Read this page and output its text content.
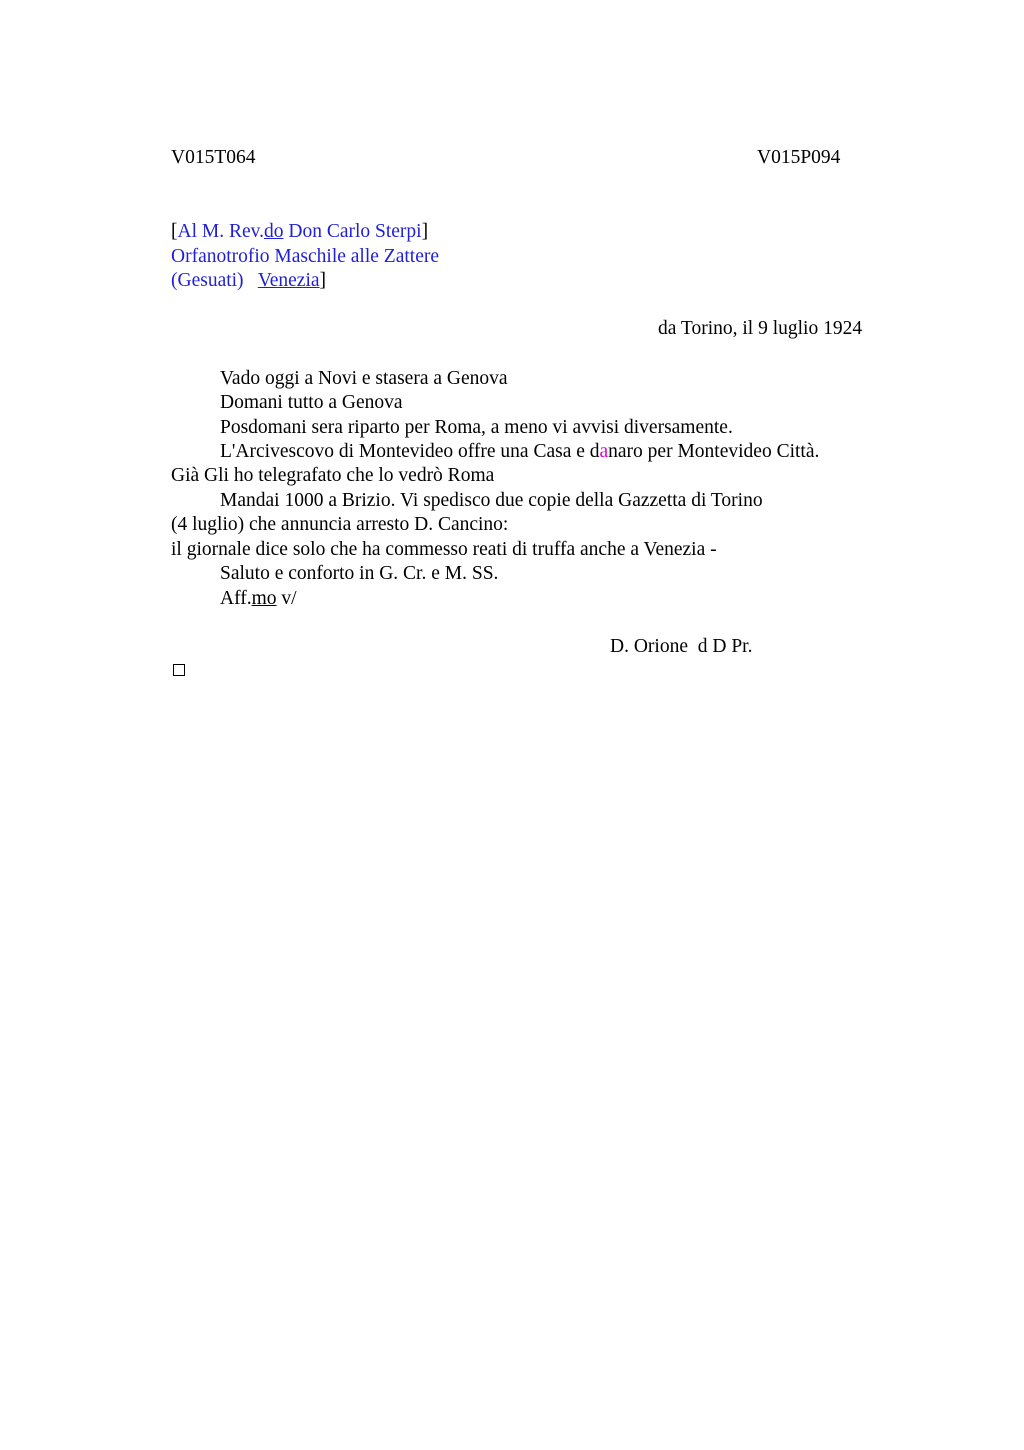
V015T064	V015P094
[Al M. Rev.do Don Carlo Sterpi]
Orfanotrofio Maschile alle Zattere
(Gesuati)   Venezia]
da Torino, il 9 luglio 1924
Vado oggi a Novi e stasera a Genova
Domani tutto a Genova
Posdomani sera riparto per Roma, a meno vi avvisi diversamente.
L'Arcivescovo di Montevideo offre una Casa e danaro per Montevideo Città.
Già Gli ho telegrafato che lo vedrò Roma
Mandai 1000 a Brizio. Vi spedisco due copie della Gazzetta di Torino
(4 luglio) che annuncia arresto D. Cancino:
il giornale dice solo che ha commesso reati di truffa anche a Venezia -
Saluto e conforto in G. Cr. e M. SS.
Aff.mo v/
D. Orione  d D Pr.
